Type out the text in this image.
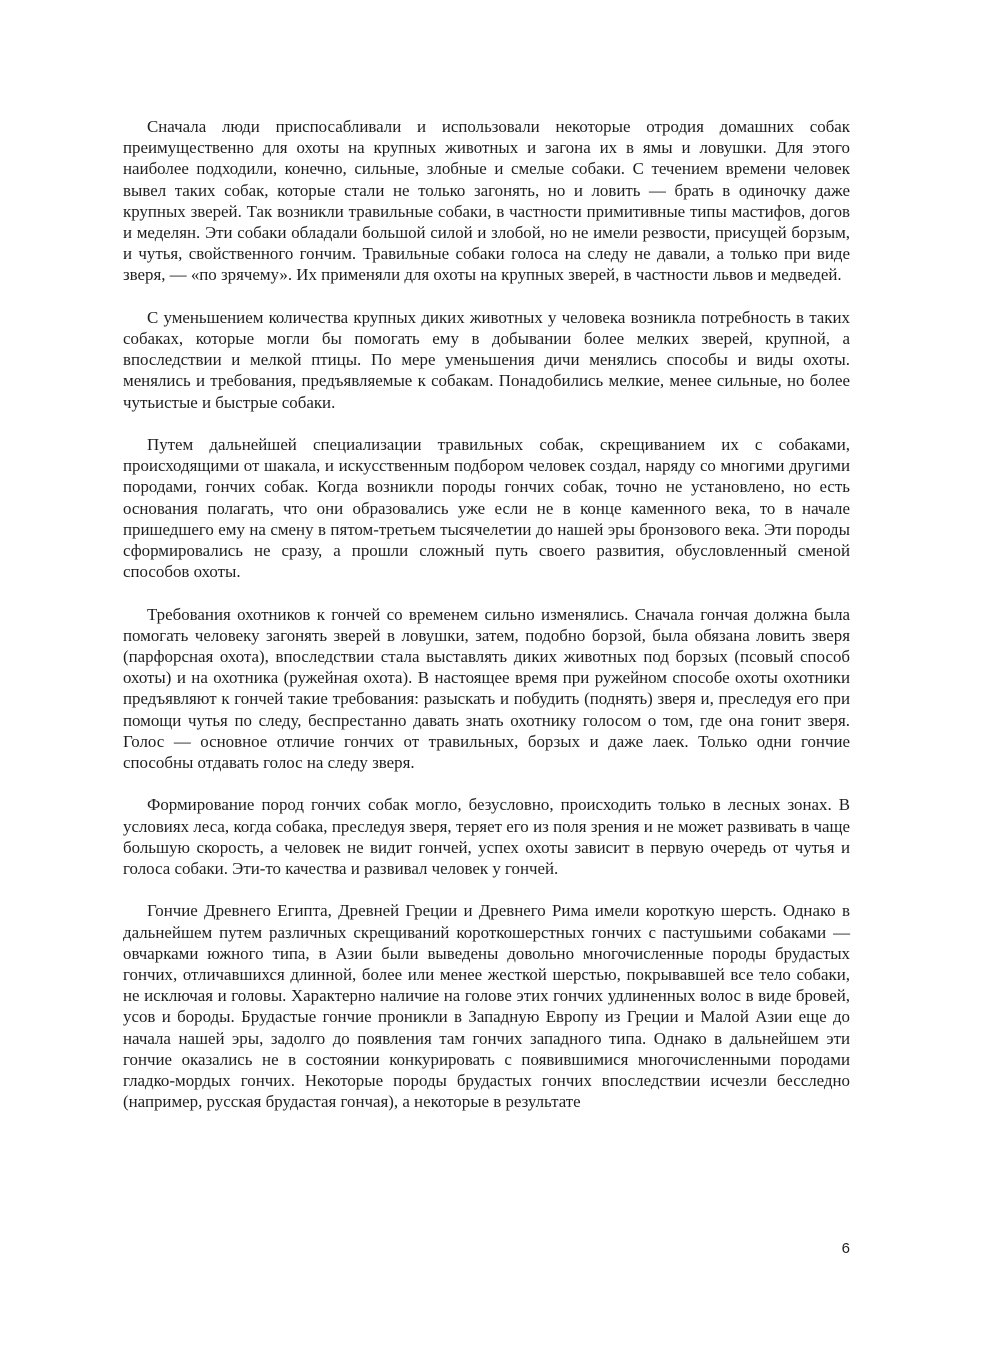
Сначала люди приспосабливали и использовали некоторые отродия домашних собак преимущественно для охоты на крупных животных и загона их в ямы и ловушки. Для этого наиболее подходили, конечно, сильные, злобные и смелые собаки. С течением времени человек вывел таких собак, которые стали не только загонять, но и ловить — брать в одиночку даже крупных зверей. Так возникли травильные собаки, в частности примитивные типы мастифов, догов и меделян. Эти собаки обладали большой силой и злобой, но не имели резвости, присущей борзым, и чутья, свойственного гончим. Травильные собаки голоса на следу не давали, а только при виде зверя, — «по зрячему». Их применяли для охоты на крупных зверей, в частности львов и медведей.

С уменьшением количества крупных диких животных у человека возникла потребность в таких собаках, которые могли бы помогать ему в добывании более мелких зверей, крупной, а впоследствии и мелкой птицы. По мере уменьшения дичи менялись способы и виды охоты. менялись и требования, предъявляемые к собакам. Понадобились мелкие, менее сильные, но более чутьистые и быстрые собаки.

Путем дальнейшей специализации травильных собак, скрещиванием их с собаками, происходящими от шакала, и искусственным подбором человек создал, наряду со многими другими породами, гончих собак. Когда возникли породы гончих собак, точно не установлено, но есть основания полагать, что они образовались уже если не в конце каменного века, то в начале пришедшего ему на смену в пятом-третьем тысячелетии до нашей эры бронзового века. Эти породы сформировались не сразу, а прошли сложный путь своего развития, обусловленный сменой способов охоты.

Требования охотников к гончей со временем сильно изменялись. Сначала гончая должна была помогать человеку загонять зверей в ловушки, затем, подобно борзой, была обязана ловить зверя (парфорсная охота), впоследствии стала выставлять диких животных под борзых (псовый способ охоты) и на охотника (ружейная охота). В настоящее время при ружейном способе охоты охотники предъявляют к гончей такие требования: разыскать и побудить (поднять) зверя и, преследуя его при помощи чутья по следу, беспрестанно давать знать охотнику голосом о том, где она гонит зверя. Голос — основное отличие гончих от травильных, борзых и даже лаек. Только одни гончие способны отдавать голос на следу зверя.

Формирование пород гончих собак могло, безусловно, происходить только в лесных зонах. В условиях леса, когда собака, преследуя зверя, теряет его из поля зрения и не может развивать в чаще большую скорость, а человек не видит гончей, успех охоты зависит в первую очередь от чутья и голоса собаки. Эти-то качества и развивал человек у гончей.

Гончие Древнего Египта, Древней Греции и Древнего Рима имели короткую шерсть. Однако в дальнейшем путем различных скрещиваний короткошерстных гончих с пастушьими собаками — овчарками южного типа, в Азии были выведены довольно многочисленные породы брудастых гончих, отличавшихся длинной, более или менее жесткой шерстью, покрывавшей все тело собаки, не исключая и головы. Характерно наличие на голове этих гончих удлиненных волос в виде бровей, усов и бороды. Брудастые гончие проникли в Западную Европу из Греции и Малой Азии еще до начала нашей эры, задолго до появления там гончих западного типа. Однако в дальнейшем эти гончие оказались не в состоянии конкурировать с появившимися многочисленными породами гладко-мордых гончих. Некоторые породы брудастых гончих впоследствии исчезли бесследно (например, русская брудастая гончая), а некоторые в результате

6
